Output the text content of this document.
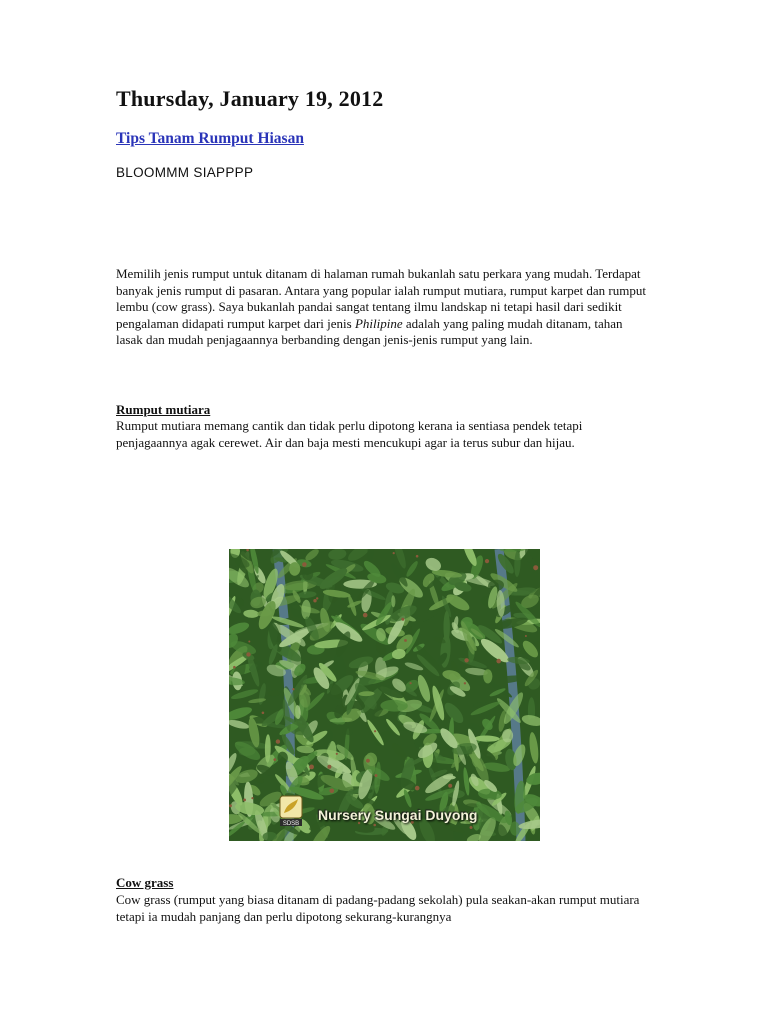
Thursday, January 19, 2012
Tips Tanam Rumput Hiasan

BLOOMMM SIAPPPP

Memilih jenis rumput untuk ditanam di halaman rumah bukanlah satu perkara yang mudah. Terdapat banyak jenis rumput di pasaran. Antara yang popular ialah rumput mutiara, rumput karpet dan rumput lembu (cow grass). Saya bukanlah pandai sangat tentang ilmu landskap ni tetapi hasil dari sedikit pengalaman didapati rumput karpet dari jenis Philipine adalah yang paling mudah ditanam, tahan lasak dan mudah penjagaannya berbanding dengan jenis-jenis rumput yang lain.

Rumput mutiara

Rumput mutiara memang cantik dan tidak perlu dipotong kerana ia sentiasa pendek tetapi penjagaannya agak cerewet. Air dan baja mesti mencukupi agar ia terus subur dan hijau.

SDSB
Nursery Sungai Duyong

Cow grass

Cow grass (rumput yang biasa ditanam di padang-padang sekolah) pula seakan-akan rumput mutiara tetapi ia mudah panjang dan perlu dipotong sekurang-kurangnya
